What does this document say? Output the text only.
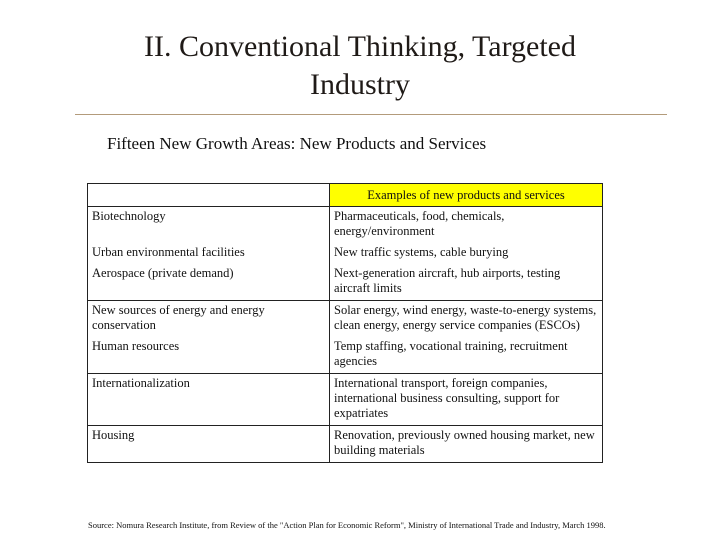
II. Conventional Thinking, Targeted
Industry
Fifteen New Growth Areas: New Products and Services
	Examples of new products and services
Biotechnology	Pharmaceuticals, food, chemicals, energy/environment
Urban environmental facilities	New traffic systems, cable burying
Aerospace (private demand)	Next-generation aircraft, hub airports, testing aircraft limits
New sources of energy and energy conservation	Solar energy, wind energy, waste-to-energy systems, clean energy, energy service companies (ESCOs)
Human resources	Temp staffing, vocational training, recruitment agencies
Internationalization	International transport, foreign companies, international business consulting, support for expatriates
Housing	Renovation, previously owned housing market, new building materials
Source: Nomura Research Institute, from Review of the "Action Plan for Economic Reform", Ministry of International Trade and Industry, March 1998.
